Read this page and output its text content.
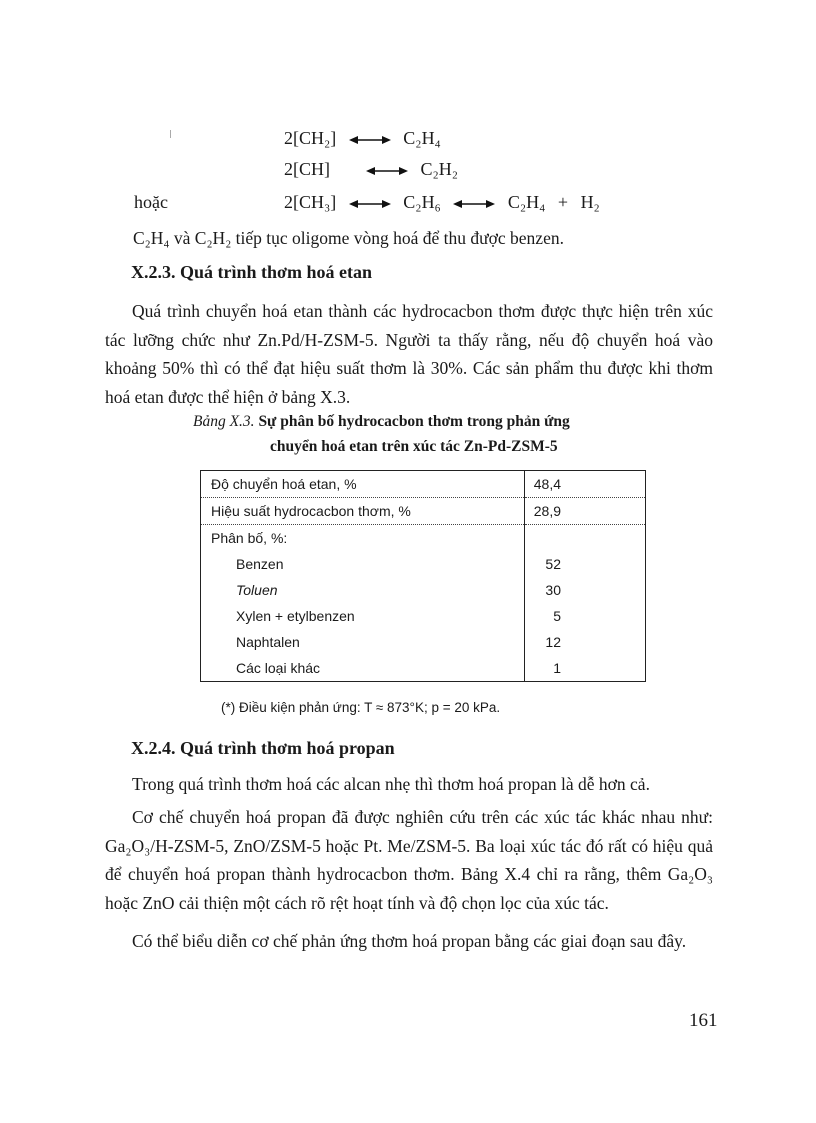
2[CH₂]	C₂H₄
2[CH]	C₂H₂
hoặc	2[CH₃]	C₂H₆	C₂H₄ + H₂
C₂H₄ và C₂H₂ tiếp tục oligome vòng hoá để thu được benzen.
X.2.3. Quá trình thơm hoá etan
Quá trình chuyển hoá etan thành các hydrocacbon thơm được thực hiện trên xúc tác lưỡng chức như Zn.Pd/H-ZSM-5. Người ta thấy rằng, nếu độ chuyển hoá vào khoảng 50% thì có thể đạt hiệu suất thơm là 30%. Các sản phẩm thu được khi thơm hoá etan được thể hiện ở bảng X.3.
Bảng X.3. Sự phân bố hydrocacbon thơm trong phản ứng
chuyển hoá etan trên xúc tác Zn-Pd-ZSM-5
Độ chuyển hoá etan, %	48,4
Hiệu suất hydrocacbon thơm, %	28,9
Phân bố, %:	
Benzen	52
Toluen	30
Xylen + etylbenzen	5
Naphtalen	12
Các loại khác	1
(*) Điều kiện phản ứng: T ≈ 873°K; p = 20 kPa.
X.2.4. Quá trình thơm hoá propan
Trong quá trình thơm hoá các alcan nhẹ thì thơm hoá propan là dễ hơn cả.
Cơ chế chuyển hoá propan đã được nghiên cứu trên các xúc tác khác nhau như: Ga₂O₃/H-ZSM-5, ZnO/ZSM-5 hoặc Pt. Me/ZSM-5. Ba loại xúc tác đó rất có hiệu quả để chuyển hoá propan thành hydrocacbon thơm. Bảng X.4 chỉ ra rằng, thêm Ga₂O₃ hoặc ZnO cải thiện một cách rõ rệt hoạt tính và độ chọn lọc của xúc tác.
Có thể biểu diễn cơ chế phản ứng thơm hoá propan bằng các giai đoạn sau đây.
161
